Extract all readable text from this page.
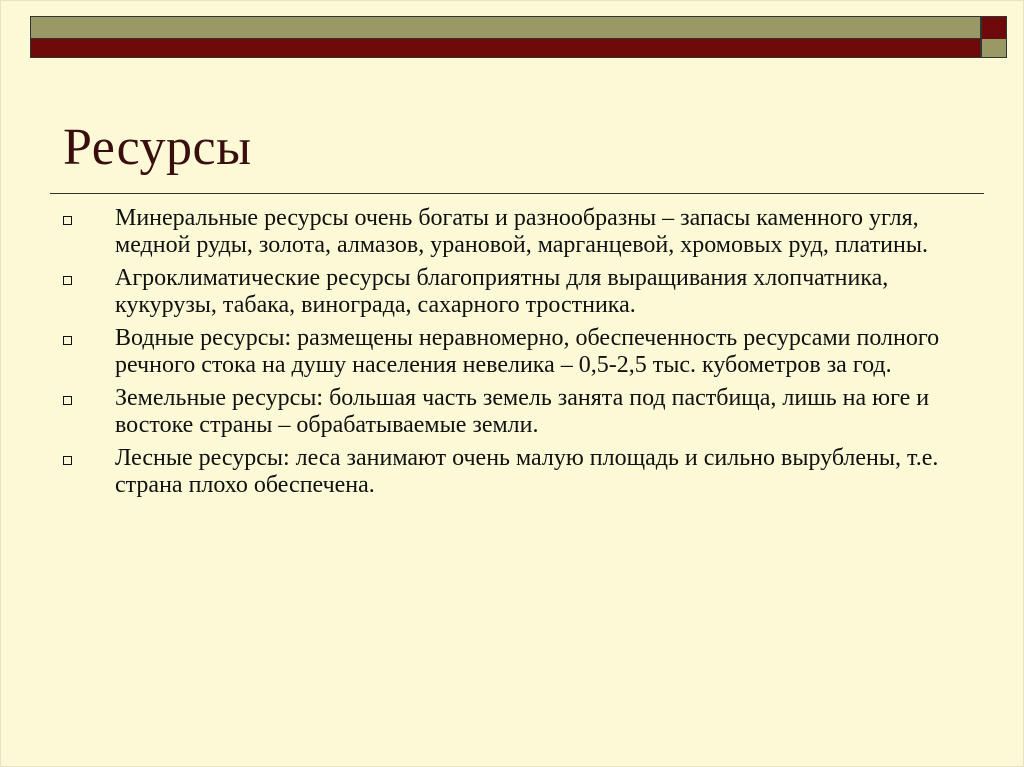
Ресурсы
Минеральные ресурсы очень богаты и разнообразны – запасы каменного угля, медной руды, золота, алмазов, урановой, марганцевой, хромовых руд, платины.
Агроклиматические ресурсы благоприятны для выращивания хлопчатника, кукурузы, табака, винограда, сахарного тростника.
Водные ресурсы: размещены неравномерно, обеспеченность ресурсами полного речного стока на душу населения невелика – 0,5-2,5 тыс. кубометров за год.
Земельные ресурсы: большая часть земель занята под пастбища, лишь на юге и востоке страны – обрабатываемые земли.
Лесные ресурсы: леса занимают очень малую площадь и сильно вырублены, т.е. страна плохо обеспечена.
